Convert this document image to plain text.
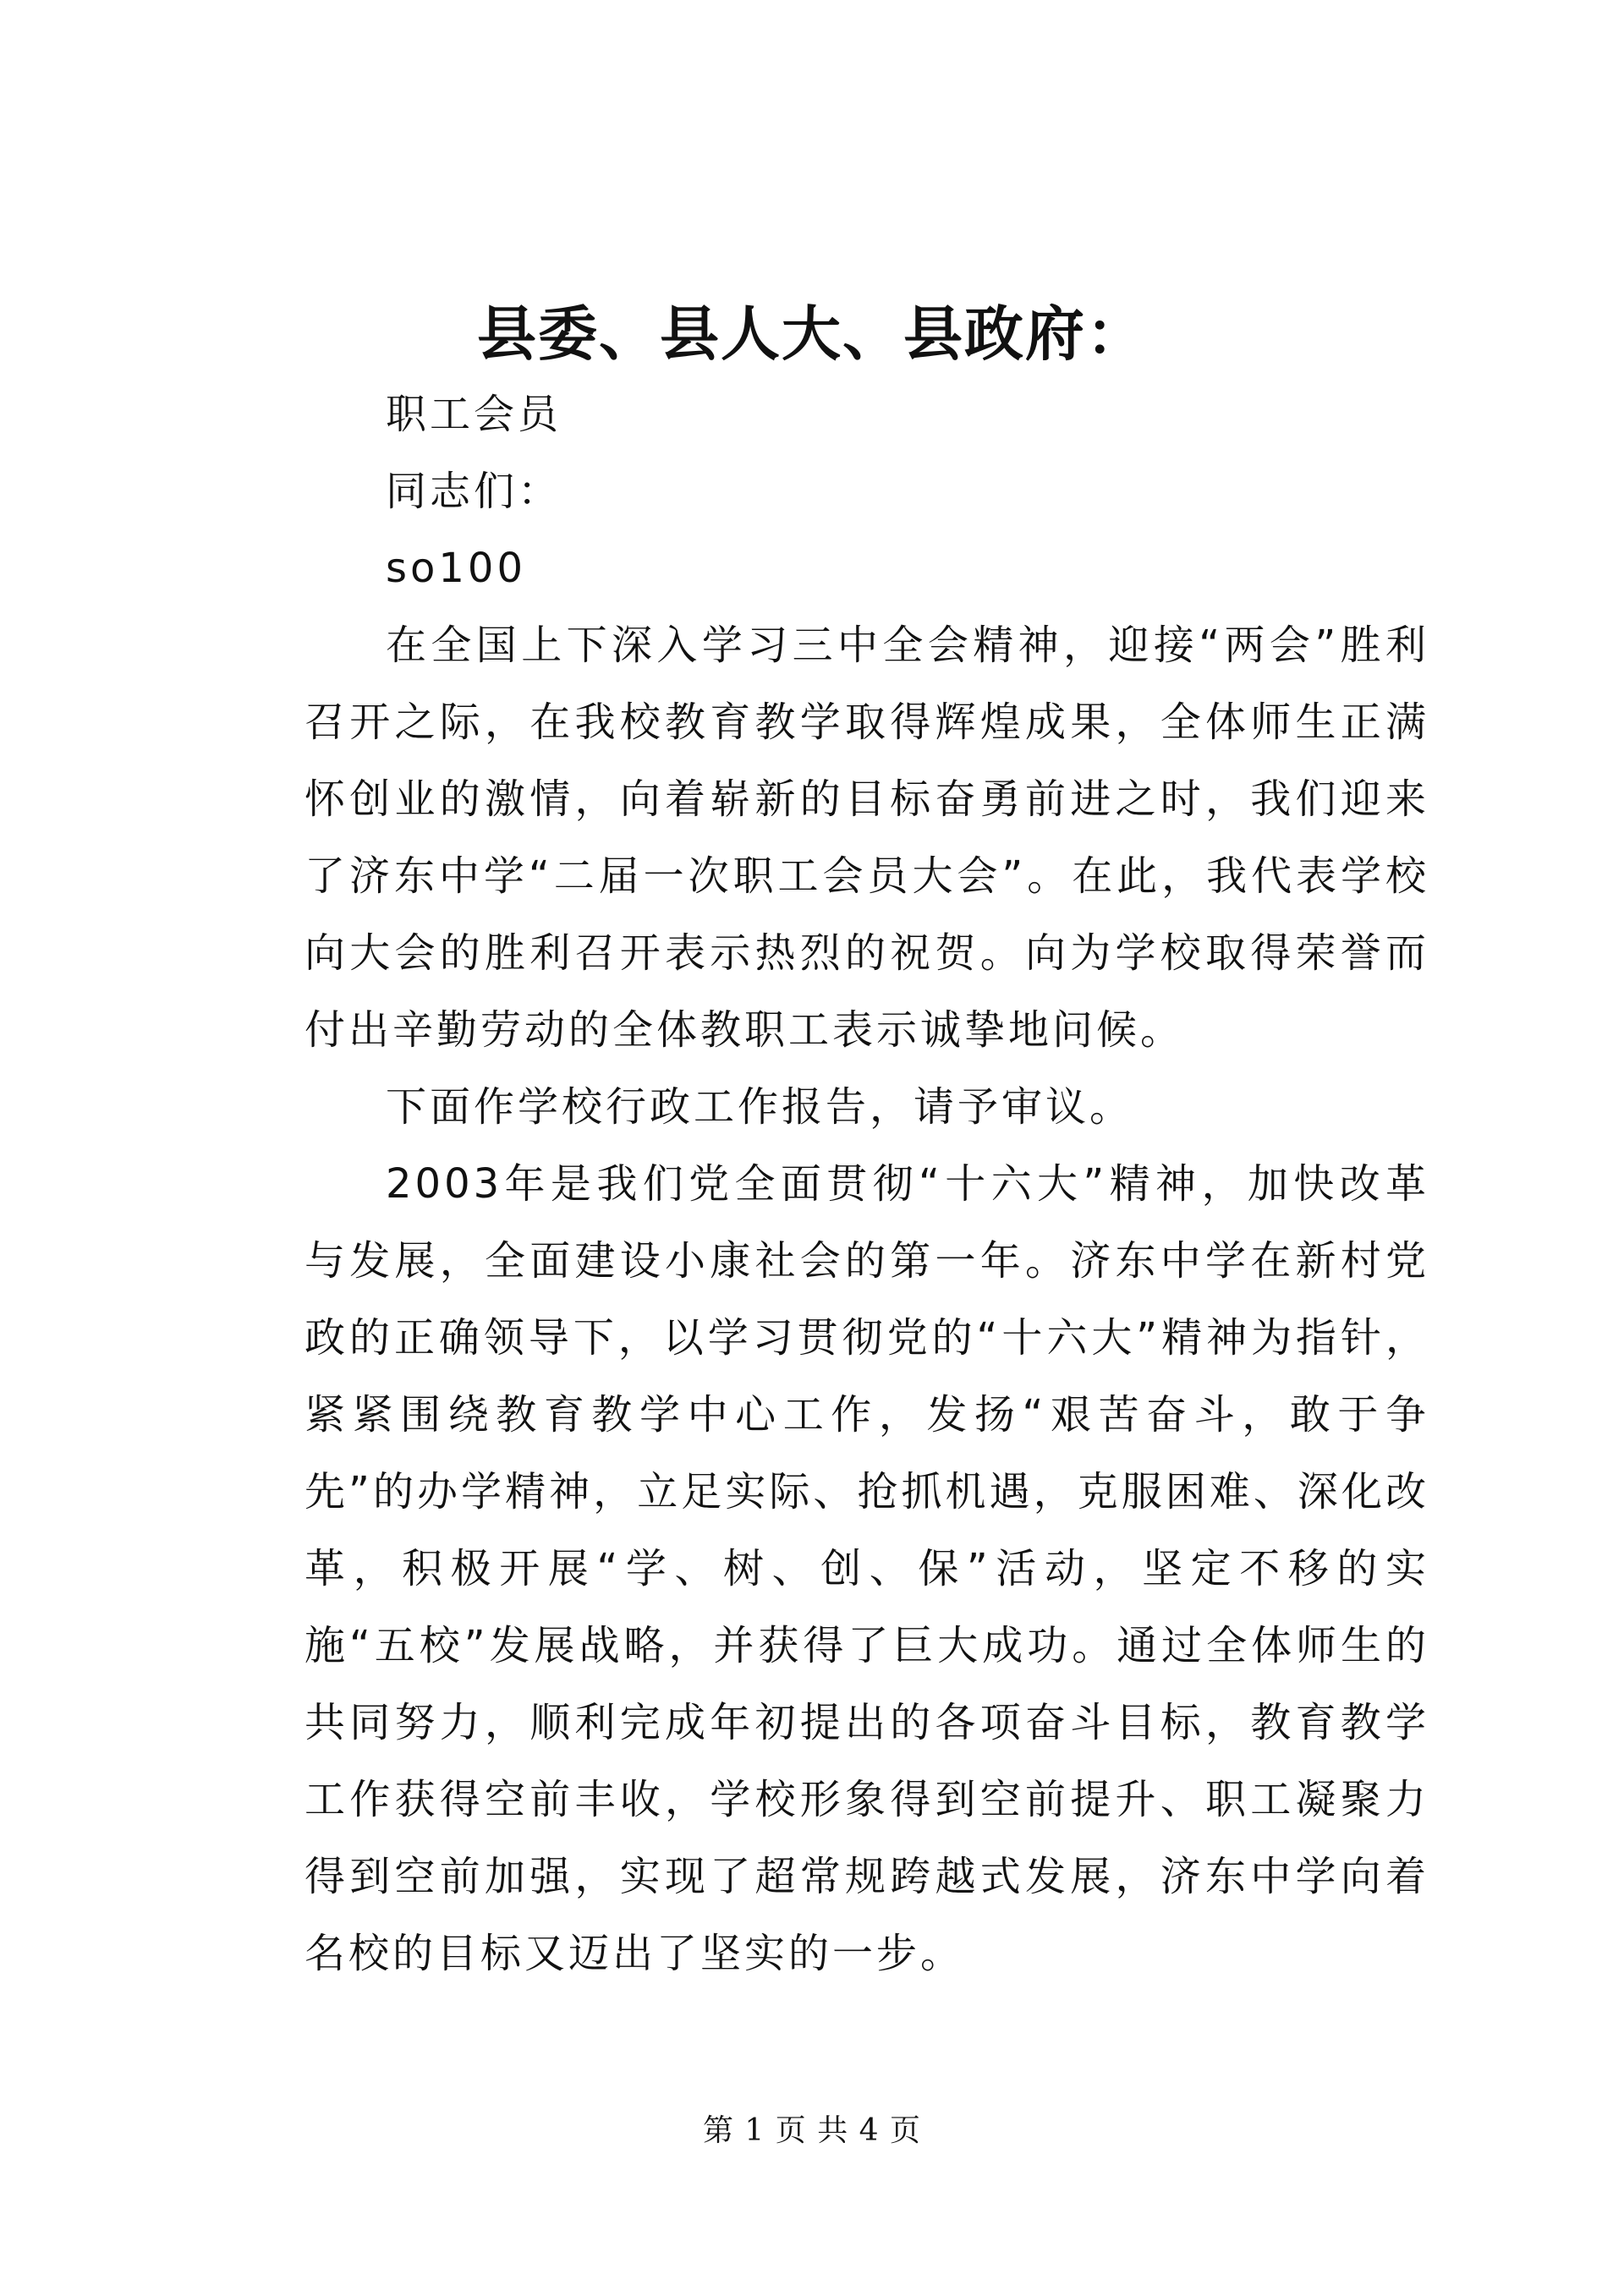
县委、县人大、县政府：

职工会员

同志们：

so100

在全国上下深入学习三中全会精神，迎接“两会”胜利召开之际，在我校教育教学取得辉煌成果，全体师生正满怀创业的激情，向着崭新的目标奋勇前进之时，我们迎来了济东中学“二届一次职工会员大会”。在此，我代表学校向大会的胜利召开表示热烈的祝贺。向为学校取得荣誉而付出辛勤劳动的全体教职工表示诚挚地问候。

下面作学校行政工作报告，请予审议。

2003年是我们党全面贯彻“十六大”精神，加快改革与发展，全面建设小康社会的第一年。济东中学在新村党政的正确领导下，以学习贯彻党的“十六大”精神为指针，紧紧围绕教育教学中心工作，发扬“艰苦奋斗，敢于争先”的办学精神，立足实际、抢抓机遇，克服困难、深化改革，积极开展“学、树、创、保”活动，坚定不移的实施“五校”发展战略，并获得了巨大成功。通过全体师生的共同努力，顺利完成年初提出的各项奋斗目标，教育教学工作获得空前丰收，学校形象得到空前提升、职工凝聚力得到空前加强，实现了超常规跨越式发展，济东中学向着名校的目标又迈出了坚实的一步。

第 1 页 共 4 页
